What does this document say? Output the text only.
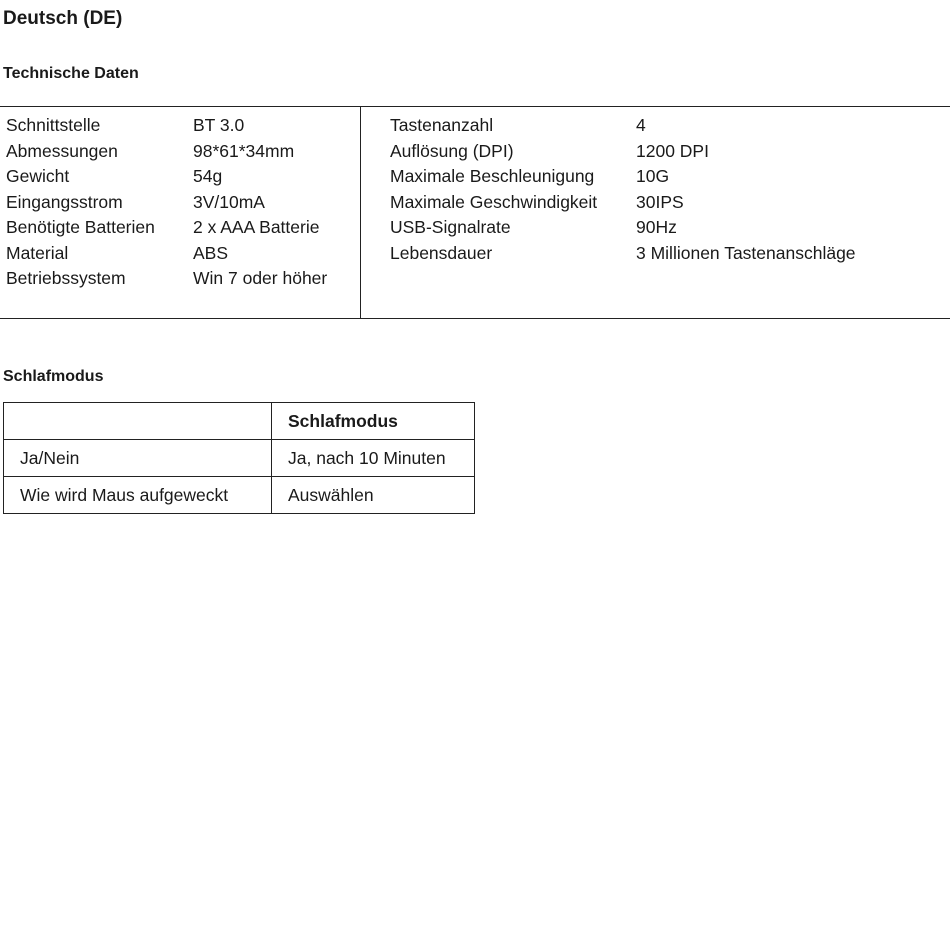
Deutsch (DE)
Technische Daten
Schnittstelle	BT 3.0
Abmessungen	98*61*34mm
Gewicht	54g
Eingangsstrom	3V/10mA
Benötigte Batterien 2 x AAA Batterie
Material	ABS
Betriebssystem	Win 7 oder höher
Tastenanzahl	4
Auflösung (DPI)	1200 DPI
Maximale Beschleunigung 10G
Maximale Geschwindigkeit 30IPS
USB-Signalrate	90Hz
Lebensdauer	3 Millionen Tastenanschläge
Schlafmodus
	Schlafmodus
Ja/Nein	Ja, nach 10 Minuten
Wie wird Maus aufgeweckt	Auswählen
